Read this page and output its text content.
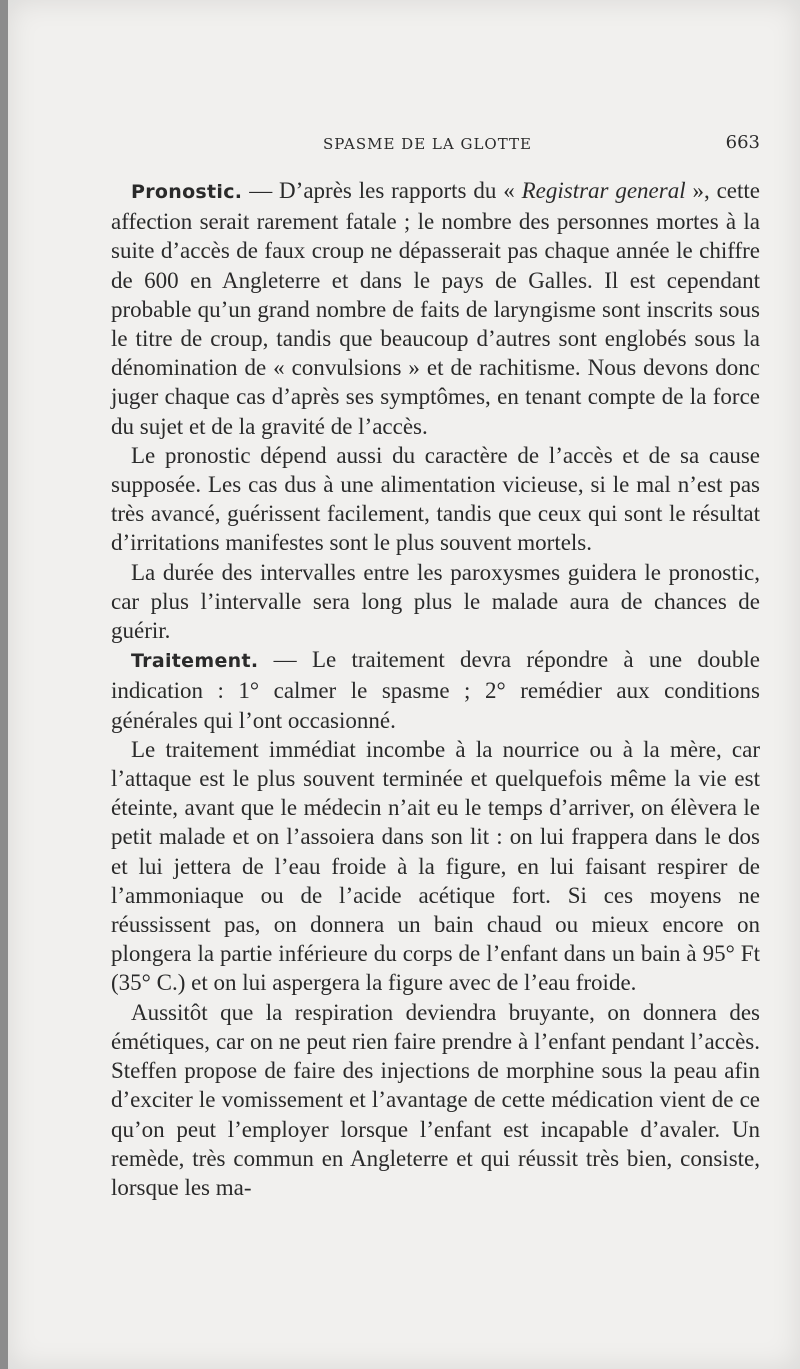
SPASME DE LA GLOTTE	663

Pronostic. — D’après les rapports du « Registrar general », cette affection serait rarement fatale ; le nombre des personnes mortes à la suite d’accès de faux croup ne dépasserait pas chaque année le chiffre de 600 en Angleterre et dans le pays de Galles. Il est cependant probable qu’un grand nombre de faits de laryngisme sont inscrits sous le titre de croup, tandis que beaucoup d’autres sont englobés sous la dénomination de « convulsions » et de rachitisme. Nous devons donc juger chaque cas d’après ses symptômes, en tenant compte de la force du sujet et de la gravité de l’accès.

Le pronostic dépend aussi du caractère de l’accès et de sa cause supposée. Les cas dus à une alimentation vicieuse, si le mal n’est pas très avancé, guérissent facilement, tandis que ceux qui sont le résultat d’irritations manifestes sont le plus souvent mortels.

La durée des intervalles entre les paroxysmes guidera le pronostic, car plus l’intervalle sera long plus le malade aura de chances de guérir.

Traitement. — Le traitement devra répondre à une double indication : 1° calmer le spasme ; 2° remédier aux conditions générales qui l’ont occasionné.

Le traitement immédiat incombe à la nourrice ou à la mère, car l’attaque est le plus souvent terminée et quelquefois même la vie est éteinte, avant que le médecin n’ait eu le temps d’arriver, on élèvera le petit malade et on l’assoiera dans son lit : on lui frappera dans le dos et lui jettera de l’eau froide à la figure, en lui faisant respirer de l’ammoniaque ou de l’acide acétique fort. Si ces moyens ne réussissent pas, on donnera un bain chaud ou mieux encore on plongera la partie inférieure du corps de l’enfant dans un bain à 95° Ft (35° C.) et on lui aspergera la figure avec de l’eau froide.

Aussitôt que la respiration deviendra bruyante, on donnera des émétiques, car on ne peut rien faire prendre à l’enfant pendant l’accès. Steffen propose de faire des injections de morphine sous la peau afin d’exciter le vomissement et l’avantage de cette médication vient de ce qu’on peut l’employer lorsque l’enfant est incapable d’avaler. Un remède, très commun en Angleterre et qui réussit très bien, consiste, lorsque les ma-
